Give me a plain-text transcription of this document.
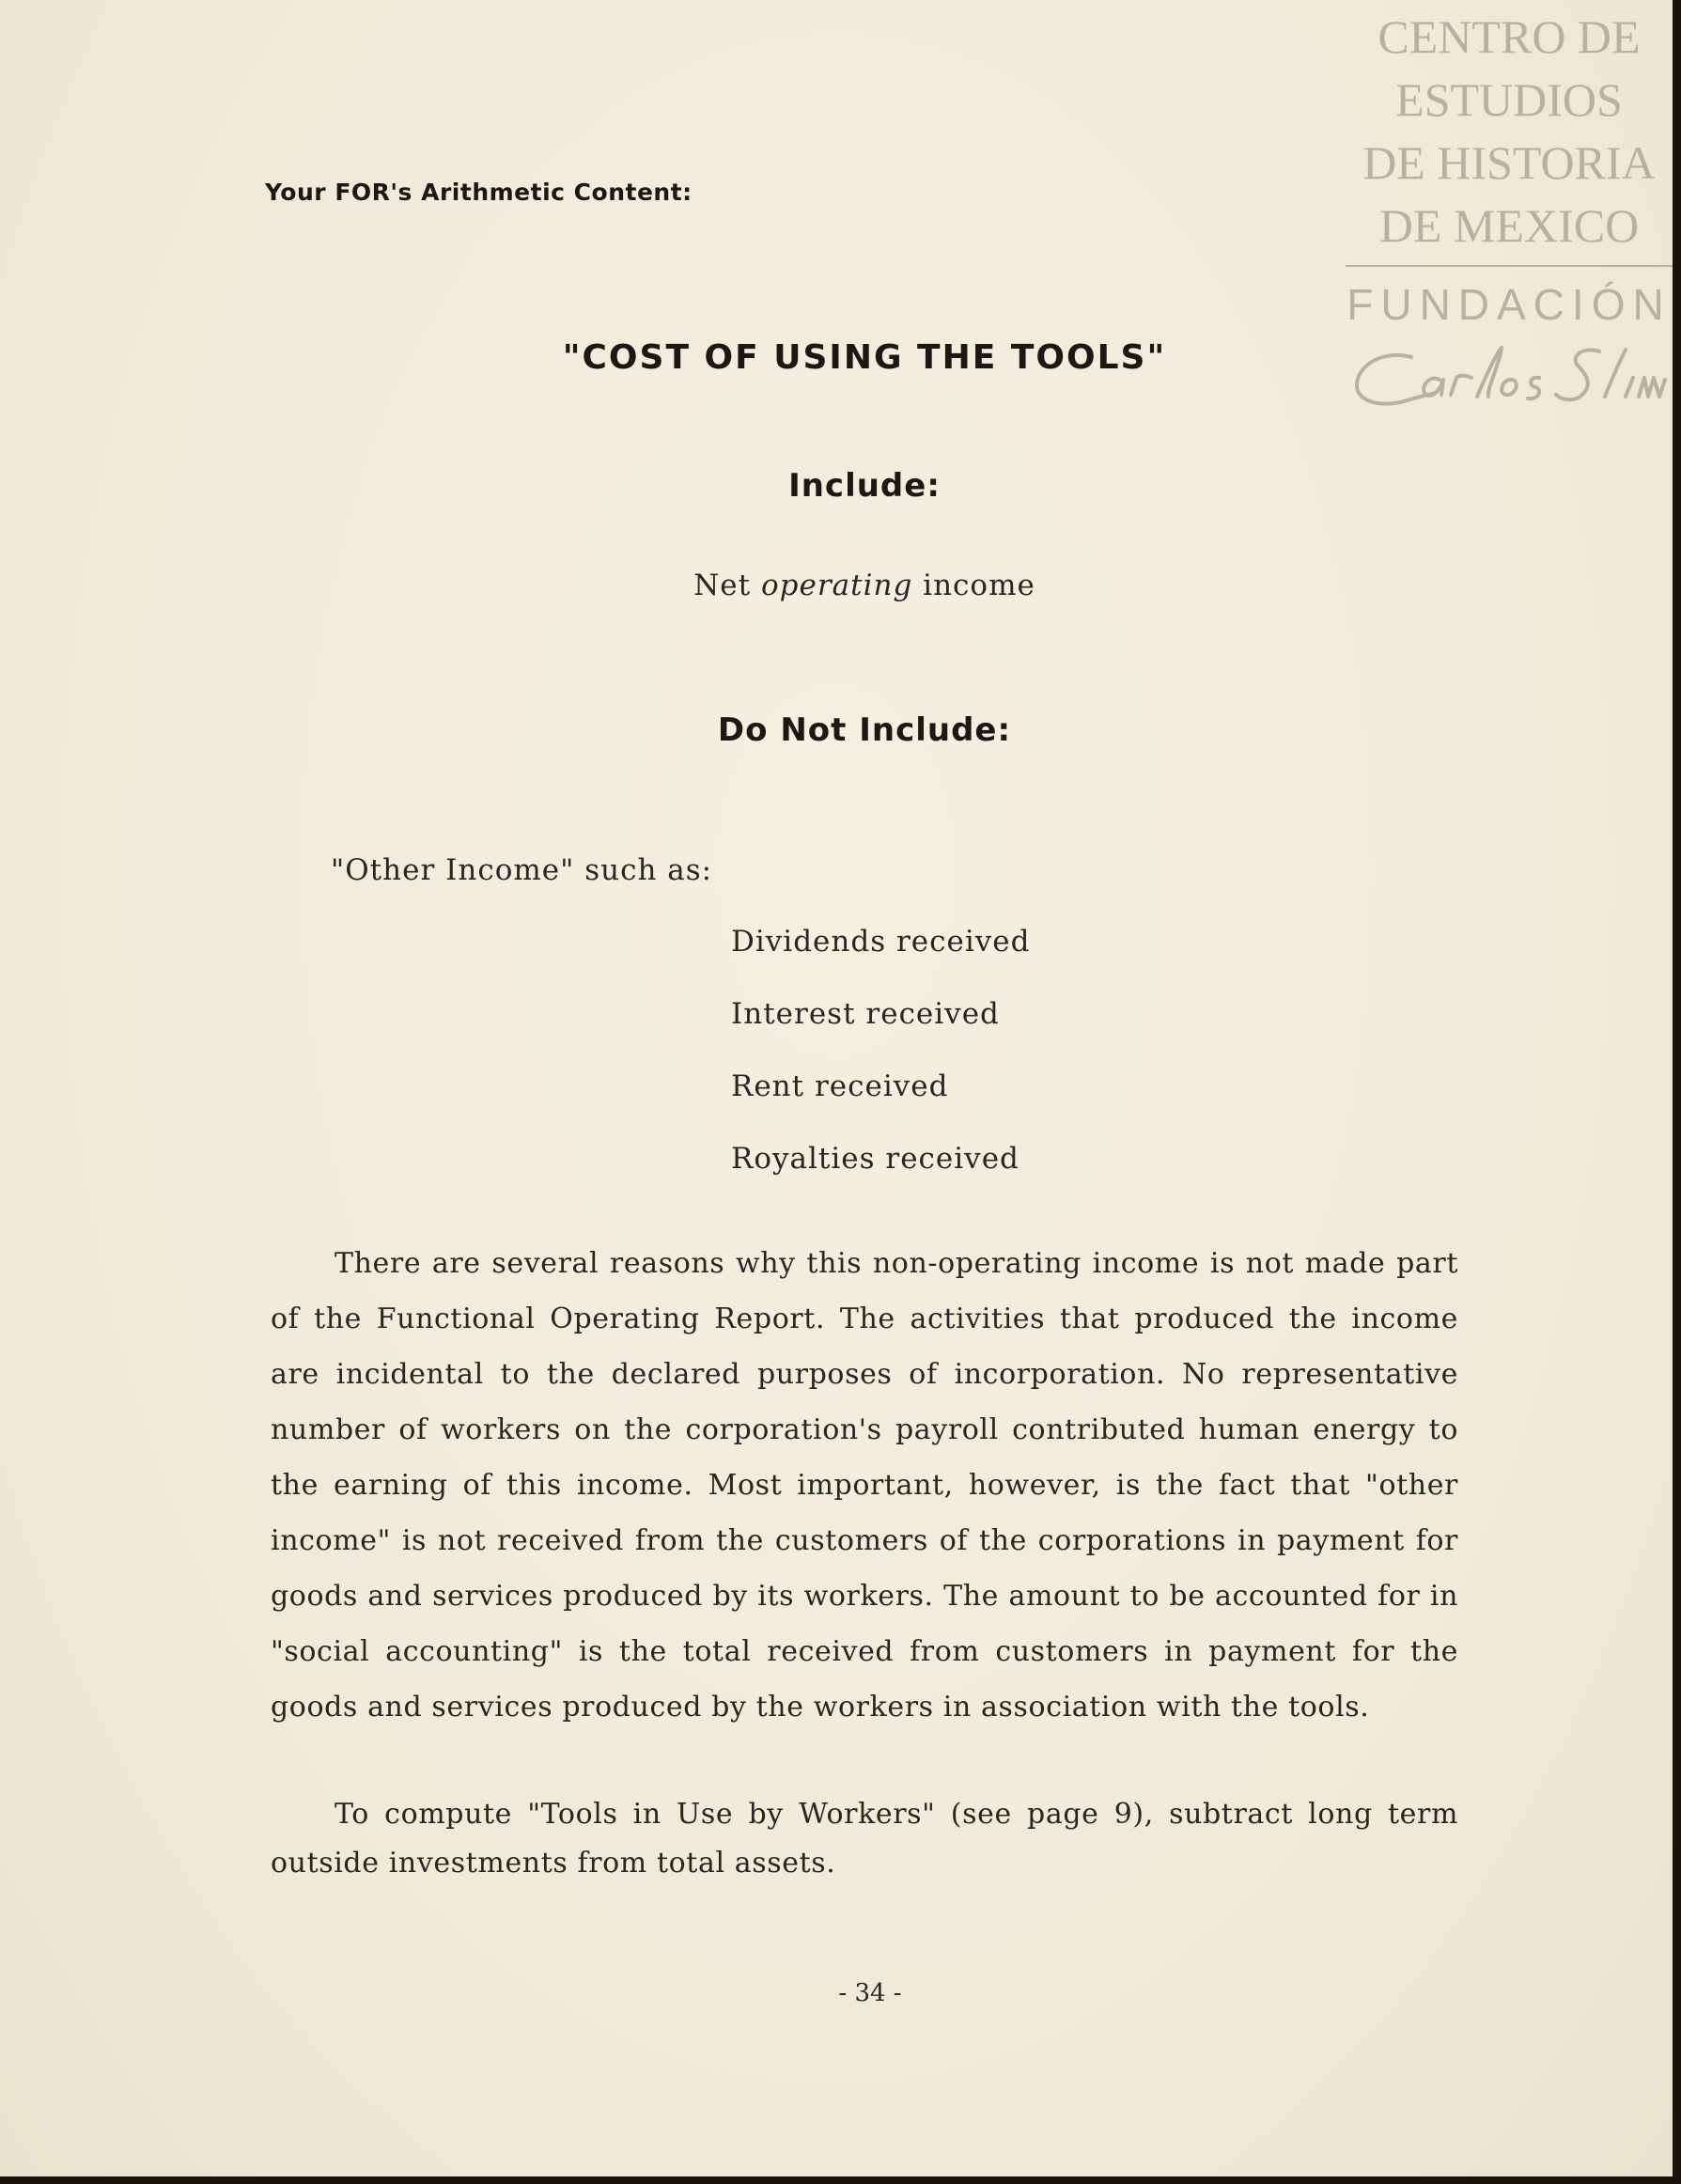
Your FOR's Arithmetic Content:
"COST OF USING THE TOOLS"
Include:
Net operating income
Do Not Include:
"Other Income" such as:
Dividends received
Interest received
Rent received
Royalties received

There are several reasons why this non-operating income is not made part of the Functional Operating Report. The activities that produced the income are incidental to the declared purposes of incorporation. No representative number of workers on the corporation's payroll contributed human energy to the earning of this income. Most important, however, is the fact that "other income" is not received from the customers of the corporations in payment for goods and services produced by its workers. The amount to be accounted for in "social accounting" is the total received from customers in payment for the goods and services produced by the workers in association with the tools.

To compute "Tools in Use by Workers" (see page 9), subtract long term outside investments from total assets.

- 34 -
CENTRO DE
ESTUDIOS
DE HISTORIA
DE MEXICO
FUNDACIÓN
